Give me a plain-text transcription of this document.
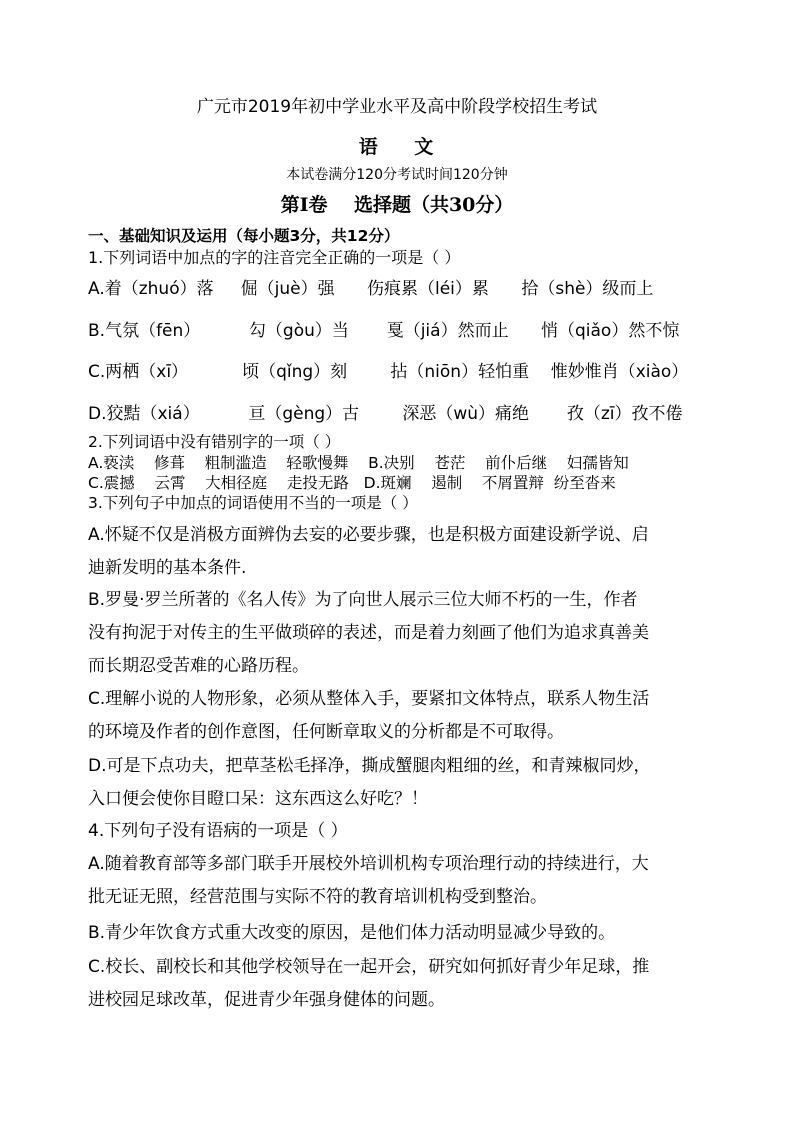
广元市2019年初中学业水平及高中阶段学校招生考试
语    文
本试卷满分120分考试时间120分钟
第Ⅰ卷    选择题（共30分）
一、基础知识及运用（每小题3分，共12分）
1.下列词语中加点的字的注音完全正确的一项是（ ）
A.着（zhuó）落     倔（juè）强      伤痕累（léi）累      拾（shè）级而上
B.气氛（fēn）         勾（gòu）当       戛（jiá）然而止      悄（qiǎo）然不惊
C.两栖（xī）          顷（qǐng）刻        拈（niōn）轻怕重    惟妙惟肖（xiào）
D.狡黠（xiá）         亘（gèng）古        深恶（wù）痛绝       孜（zī）孜不倦
2.下列词语中没有错别字的一项（ ）
A.亵渎    修葺    粗制滥造    轻歌慢舞    B.决别    苍茫    前仆后继    妇孺皆知
C.震撼    云霄    大相径庭    走投无路   D.斑斓    遏制    不屑置辩  纷至沓来
3.下列句子中加点的词语使用不当的一项是（ ）
A.怀疑不仅是消极方面辨伪去妄的必要步骤，也是积极方面建设新学说、启
迪新发明的基本条件.
B.罗曼·罗兰所著的《名人传》为了向世人展示三位大师不朽的一生，作者
没有拘泥于对传主的生平做琐碎的表述，而是着力刻画了他们为追求真善美
而长期忍受苦难的心路历程。
C.理解小说的人物形象，必须从整体入手，要紧扣文体特点，联系人物生活
的环境及作者的创作意图，任何断章取义的分析都是不可取得。
D.可是下点功夫，把草茎松毛择净，撕成蟹腿肉粗细的丝，和青辣椒同炒，
入口便会使你目瞪口呆：这东西这么好吃？！
4.下列句子没有语病的一项是（ ）
A.随着教育部等多部门联手开展校外培训机构专项治理行动的持续进行，大
批无证无照，经营范围与实际不符的教育培训机构受到整治。
B.青少年饮食方式重大改变的原因，是他们体力活动明显减少导致的。
C.校长、副校长和其他学校领导在一起开会，研究如何抓好青少年足球，推
进校园足球改革，促进青少年强身健体的问题。
